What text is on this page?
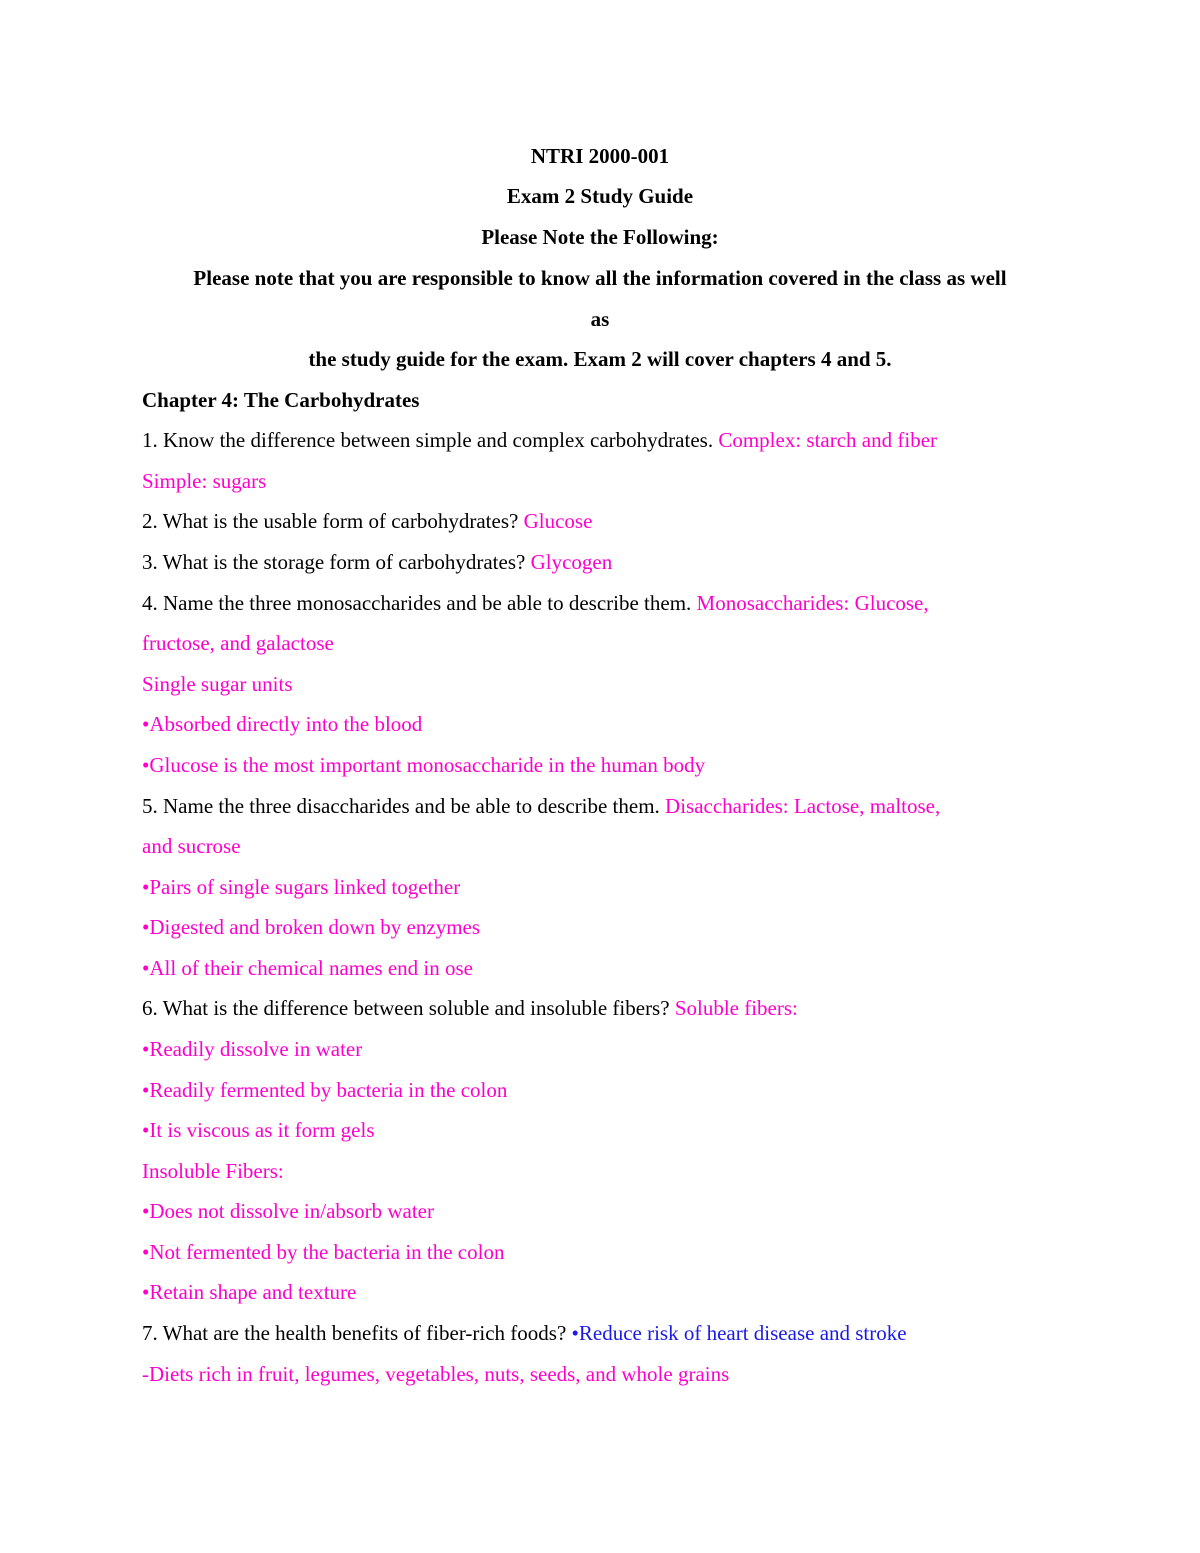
NTRI 2000-001
Exam 2 Study Guide
Please Note the Following:
Please note that you are responsible to know all the information covered in the class as well
as
the study guide for the exam. Exam 2 will cover chapters 4 and 5.
Chapter 4: The Carbohydrates
1. Know the difference between simple and complex carbohydrates. Complex: starch and fiber
Simple: sugars
2. What is the usable form of carbohydrates? Glucose
3. What is the storage form of carbohydrates? Glycogen
4. Name the three monosaccharides and be able to describe them. Monosaccharides: Glucose,
fructose, and galactose
Single sugar units
•Absorbed directly into the blood
•Glucose is the most important monosaccharide in the human body
5. Name the three disaccharides and be able to describe them. Disaccharides: Lactose, maltose,
and sucrose
•Pairs of single sugars linked together
•Digested and broken down by enzymes
•All of their chemical names end in ose
6. What is the difference between soluble and insoluble fibers? Soluble fibers:
•Readily dissolve in water
•Readily fermented by bacteria in the colon
•It is viscous as it form gels
Insoluble Fibers:
•Does not dissolve in/absorb water
•Not fermented by the bacteria in the colon
•Retain shape and texture
7. What are the health benefits of fiber-rich foods? •Reduce risk of heart disease and stroke
-Diets rich in fruit, legumes, vegetables, nuts, seeds, and whole grains
